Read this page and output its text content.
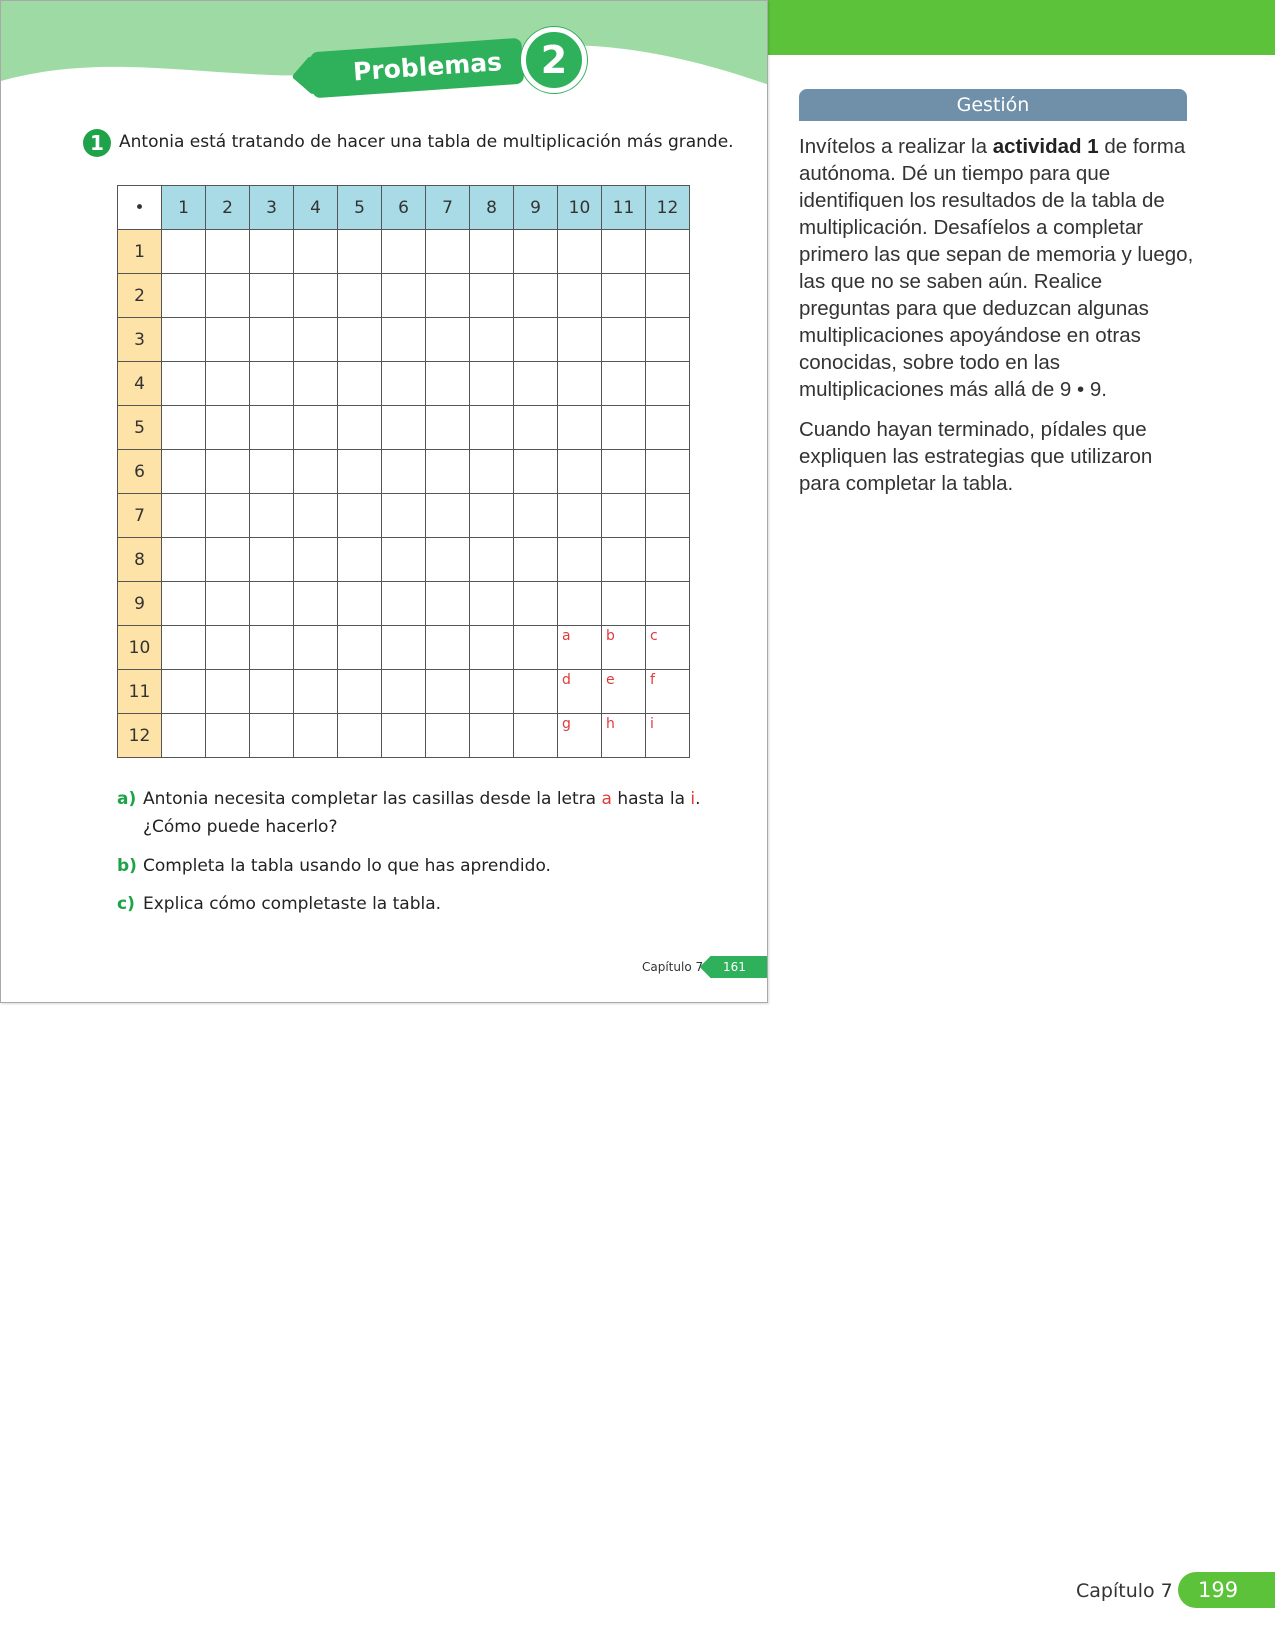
Problemas 2
1 Antonia está tratando de hacer una tabla de multiplicación más grande.
•	1	2	3	4	5	6	7	8	9	10	11	12
1												
2												
3												
4												
5												
6												
7												
8												
9												
10										a	b	c

11										d	e	f

12										g	h	i
a) Antonia necesita completar las casillas desde la letra a hasta la i.
¿Cómo puede hacerlo?
b) Completa la tabla usando lo que has aprendido.
c) Explica cómo completaste la tabla.
Capítulo 7	161
Gestión

Invítelos a realizar la actividad 1 de forma autónoma. Dé un tiempo para que identifiquen los resultados de la tabla de multiplicación. Desafíelos a completar primero las que sepan de memoria y luego, las que no se saben aún. Realice preguntas para que deduzcan algunas multiplicaciones apoyándose en otras conocidas, sobre todo en las multiplicaciones más allá de 9 • 9.

Cuando hayan terminado, pídales que expliquen las estrategias que utilizaron para completar la tabla.

Capítulo 7	199
